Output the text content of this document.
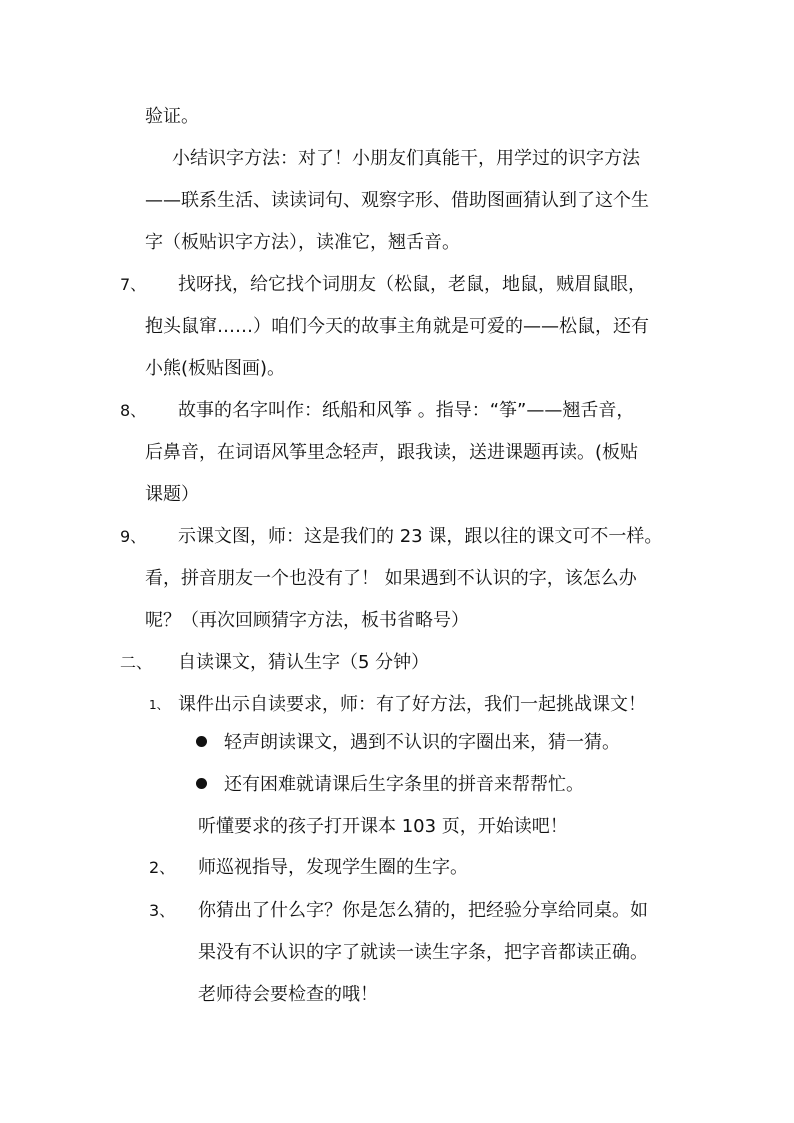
验证。
小结识字方法：对了！小朋友们真能干，用学过的识字方法
——联系生活、读读词句、观察字形、借助图画猜认到了这个生
字（板贴识字方法），读准它，翘舌音。
7、 找呀找，给它找个词朋友（松鼠，老鼠，地鼠，贼眉鼠眼，
抱头鼠窜……）咱们今天的故事主角就是可爱的——松鼠，还有
小熊(板贴图画)。
8、 故事的名字叫作：纸船和风筝 。指导：“筝”——翘舌音，
后鼻音，在词语风筝里念轻声，跟我读，送进课题再读。(板贴
课题）
9、 示课文图，师：这是我们的 23 课，跟以往的课文可不一样。
看，拼音朋友一个也没有了！ 如果遇到不认识的字，该怎么办
呢？（再次回顾猜字方法，板书省略号）
二、 自读课文，猜认生字（5 分钟）
1、 课件出示自读要求，师：有了好方法，我们一起挑战课文！
轻声朗读课文，遇到不认识的字圈出来，猜一猜。
还有困难就请课后生字条里的拼音来帮帮忙。
听懂要求的孩子打开课本 103 页，开始读吧！
2、 师巡视指导，发现学生圈的生字。
3、 你猜出了什么字？你是怎么猜的，把经验分享给同桌。如
果没有不认识的字了就读一读生字条，把字音都读正确。
老师待会要检查的哦！
